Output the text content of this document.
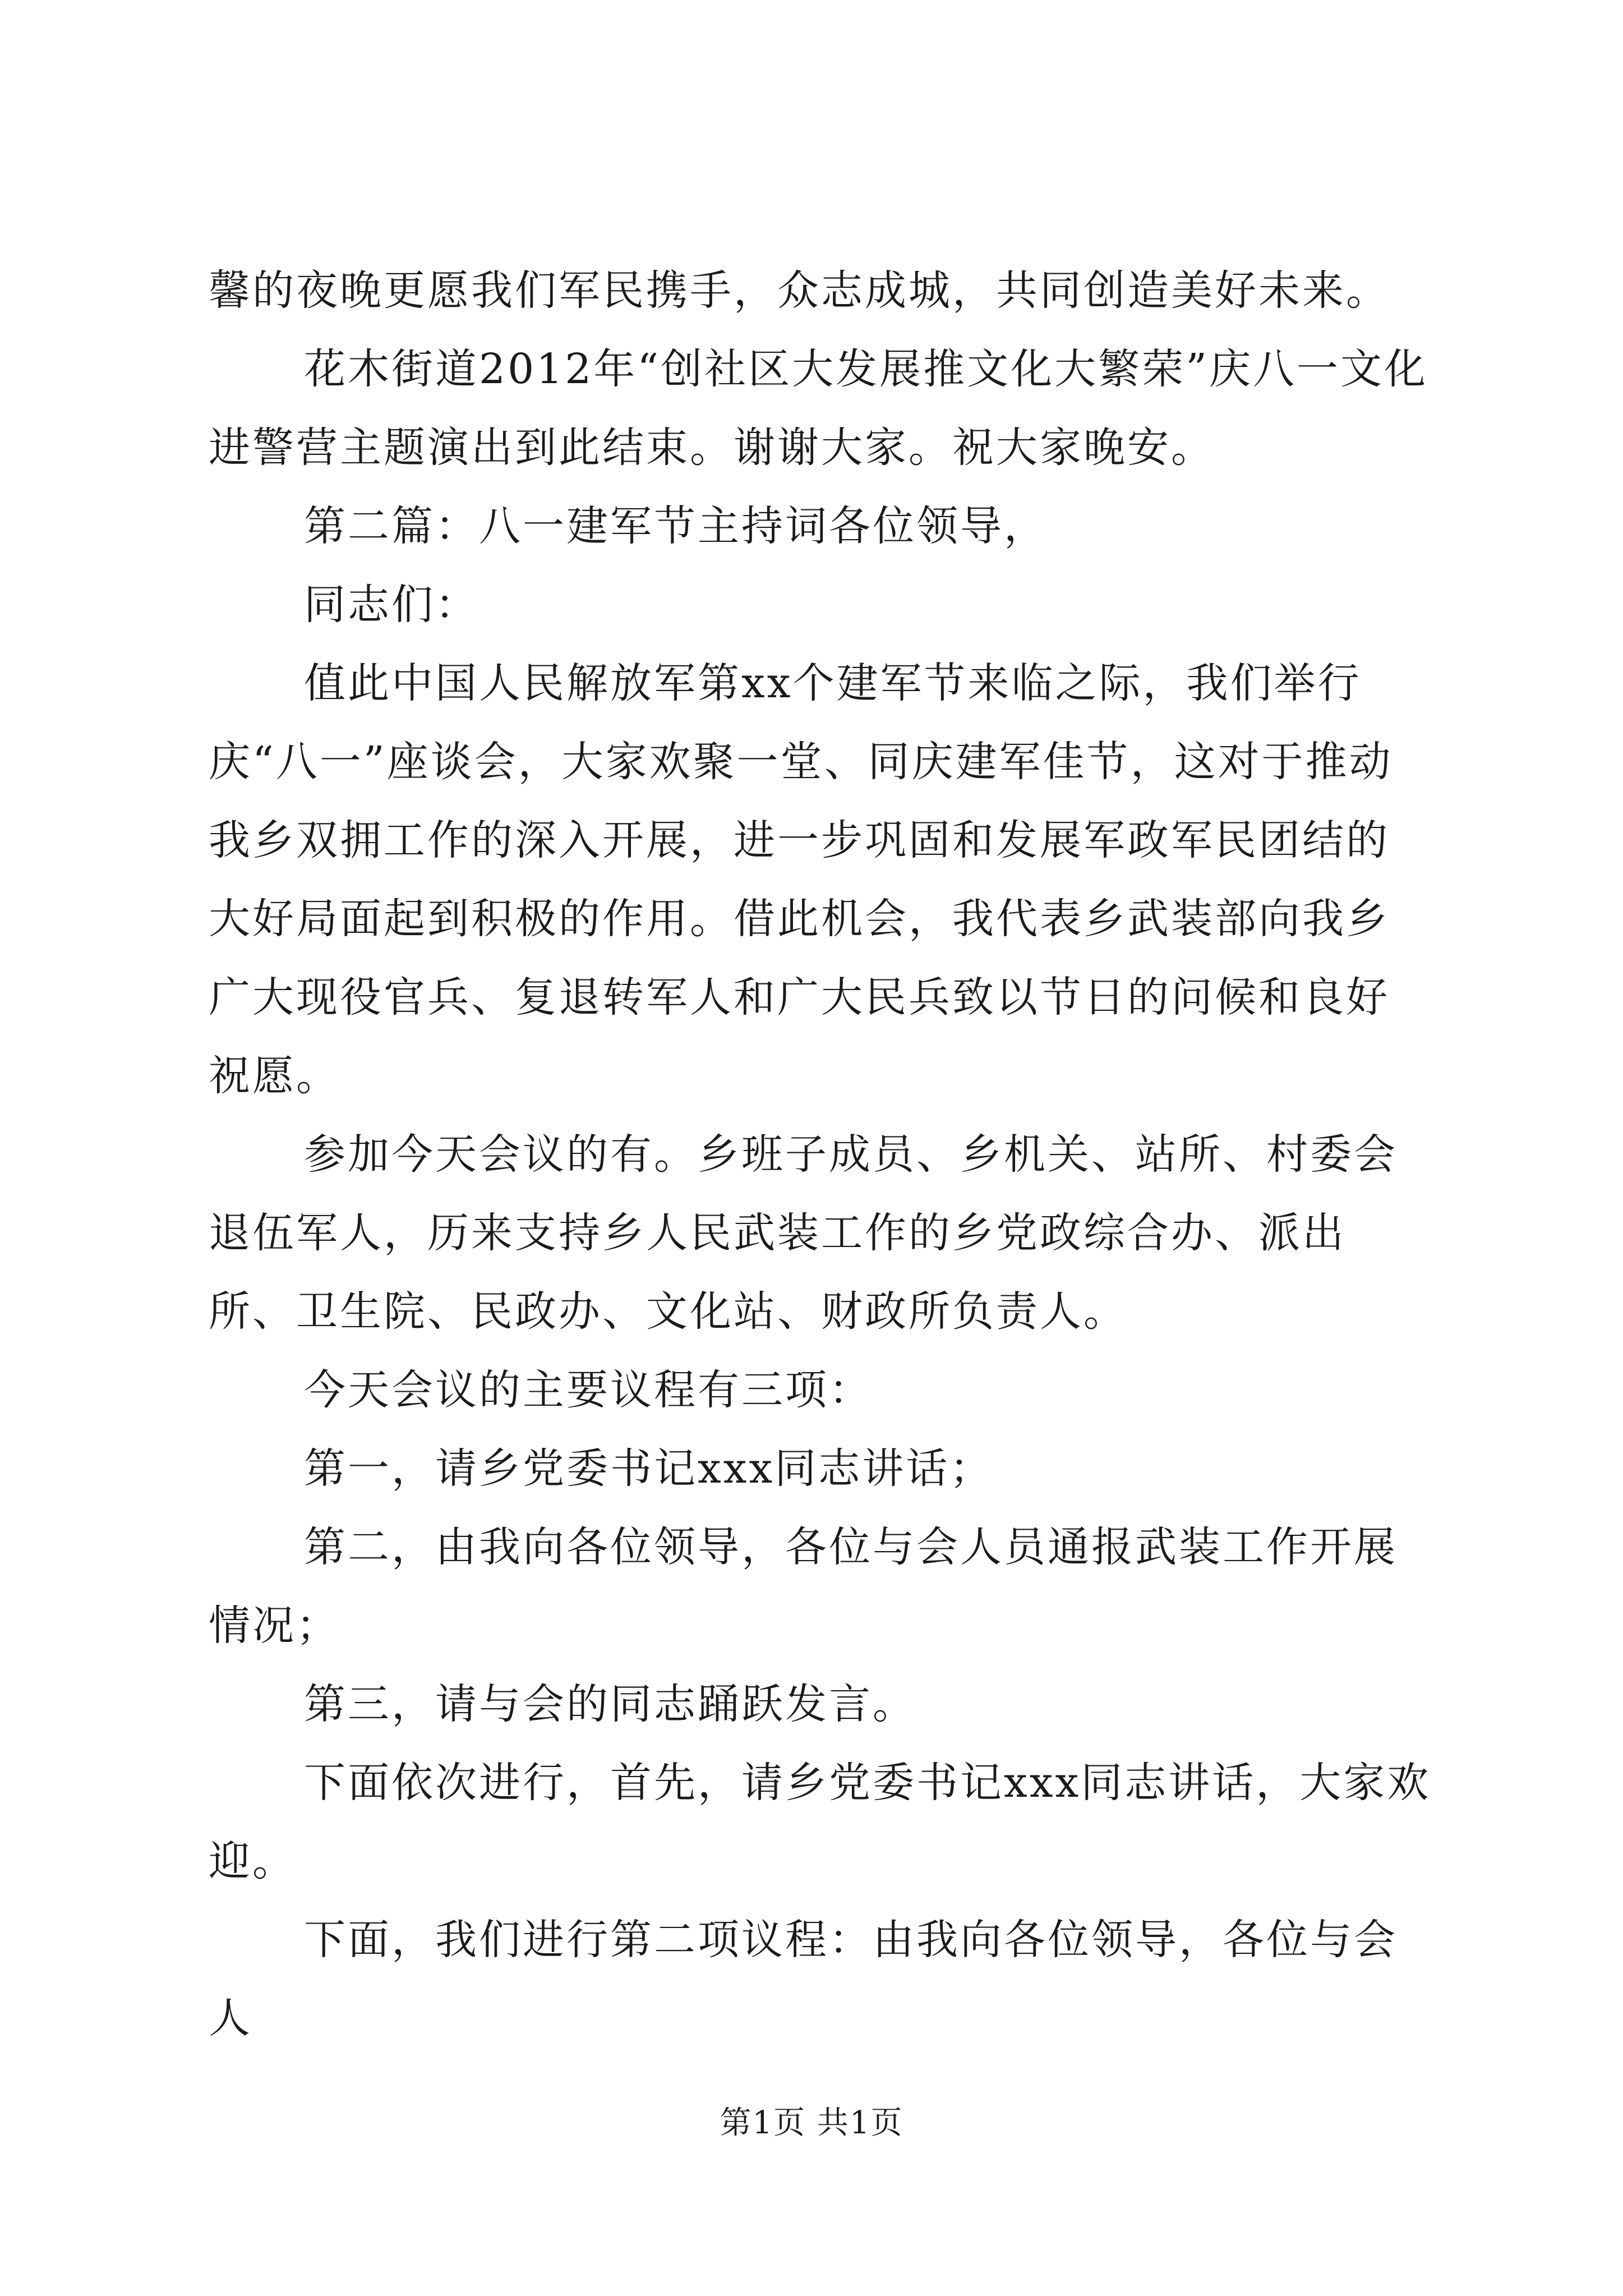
馨的夜晚更愿我们军民携手，众志成城，共同创造美好未来。

花木街道2012年“创社区大发展推文化大繁荣”庆八一文化进警营主题演出到此结束。谢谢大家。祝大家晚安。

第二篇：八一建军节主持词各位领导，

同志们：

值此中国人民解放军第xx个建军节来临之际，我们举行庆“八一”座谈会，大家欢聚一堂、同庆建军佳节，这对于推动我乡双拥工作的深入开展，进一步巩固和发展军政军民团结的大好局面起到积极的作用。借此机会，我代表乡武装部向我乡广大现役官兵、复退转军人和广大民兵致以节日的问候和良好祝愿。

参加今天会议的有。乡班子成员、乡机关、站所、村委会退伍军人，历来支持乡人民武装工作的乡党政综合办、派出所、卫生院、民政办、文化站、财政所负责人。

今天会议的主要议程有三项：

第一，请乡党委书记xxx同志讲话；

第二，由我向各位领导，各位与会人员通报武装工作开展情况；

第三，请与会的同志踊跃发言。

下面依次进行，首先，请乡党委书记xxx同志讲话，大家欢迎。

下面，我们进行第二项议程：由我向各位领导，各位与会人

第1页 共1页
